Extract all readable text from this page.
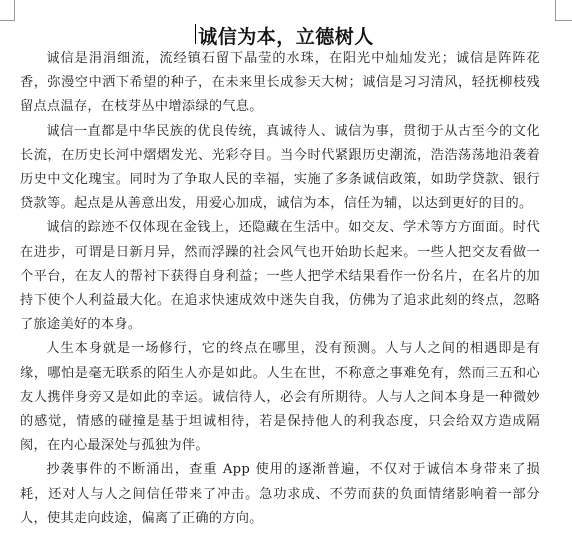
诚信为本，立德树人

诚信是涓涓细流，流经镇石留下晶莹的水珠，在阳光中灿灿发光；诚信是阵阵花香，弥漫空中洒下希望的种子，在未来里长成参天大树；诚信是习习清风，轻抚柳枝残留点点温存，在枝芽丛中增添绿的气息。

诚信一直都是中华民族的优良传统，真诚待人、诚信为事，贯彻于从古至今的文化长流，在历史长河中熠熠发光、光彩夺目。当今时代紧跟历史潮流，浩浩荡荡地沿袭着历史中文化瑰宝。同时为了争取人民的幸福，实施了多条诚信政策，如助学贷款、银行贷款等。起点是从善意出发，用爱心加成，诚信为本，信任为辅，以达到更好的目的。

诚信的踪迹不仅体现在金钱上，还隐藏在生活中。如交友、学术等方方面面。时代在进步，可谓是日新月异，然而浮躁的社会风气也开始助长起来。一些人把交友看做一个平台，在友人的帮衬下获得自身利益；一些人把学术结果看作一份名片，在名片的加持下使个人利益最大化。在追求快速成效中迷失自我，仿佛为了追求此刻的终点，忽略了旅途美好的本身。

人生本身就是一场修行，它的终点在哪里，没有预测。人与人之间的相遇即是有缘，哪怕是毫无联系的陌生人亦是如此。人生在世，不称意之事难免有，然而三五和心友人携伴身旁又是如此的幸运。诚信待人，必会有所期待。人与人之间本身是一种微妙的感觉，情感的碰撞是基于坦诚相待，若是保持他人的利我态度，只会给双方造成隔阂，在内心最深处与孤独为伴。

抄袭事件的不断涌出，查重 App 使用的逐渐普遍，不仅对于诚信本身带来了损耗，还对人与人之间信任带来了冲击。急功求成、不劳而获的负面情绪影响着一部分人，使其走向歧途，偏离了正确的方向。
